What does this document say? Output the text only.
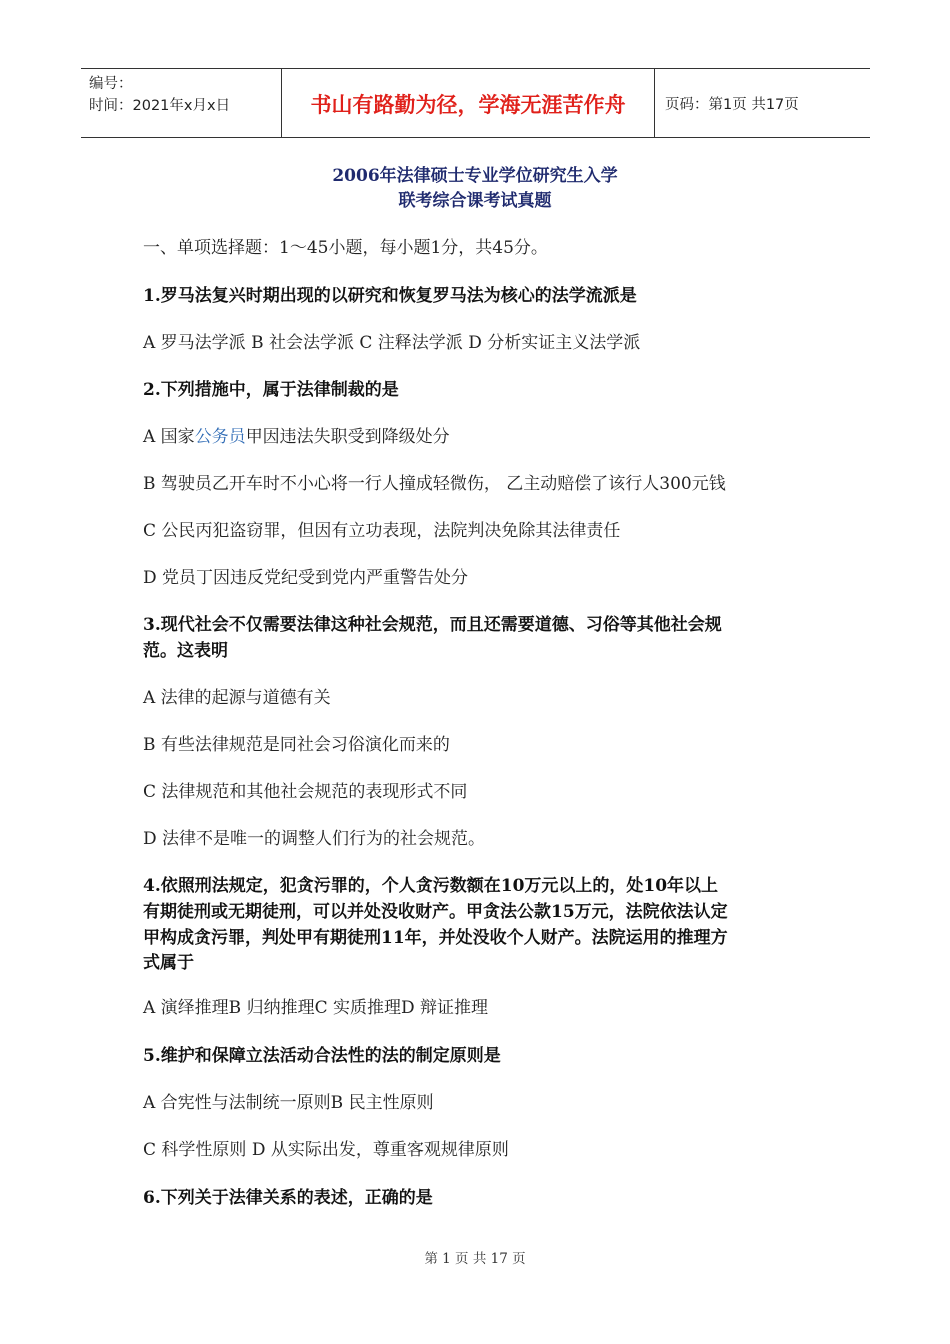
编号：
时间：2021年x月x日	书山有路勤为径，学海无涯苦作舟	页码：第1页 共17页
2006年法律硕士专业学位研究生入学
联考综合课考试真题
一、单项选择题：1～45小题，每小题1分，共45分。
1.罗马法复兴时期出现的以研究和恢复罗马法为核心的法学流派是
A 罗马法学派 B 社会法学派 C 注释法学派 D 分析实证主义法学派
2.下列措施中，属于法律制裁的是
A 国家公务员甲因违法失职受到降级处分
B 驾驶员乙开车时不小心将一行人撞成轻微伤， 乙主动赔偿了该行人300元钱
C 公民丙犯盗窃罪，但因有立功表现，法院判决免除其法律责任
D 党员丁因违反党纪受到党内严重警告处分
3.现代社会不仅需要法律这种社会规范，而且还需要道德、习俗等其他社会规
范。这表明
A 法律的起源与道德有关
B 有些法律规范是同社会习俗演化而来的
C 法律规范和其他社会规范的表现形式不同
D 法律不是唯一的调整人们行为的社会规范。
4.依照刑法规定，犯贪污罪的，个人贪污数额在10万元以上的，处10年以上
有期徒刑或无期徒刑，可以并处没收财产。甲贪法公款15万元，法院依法认定
甲构成贪污罪，判处甲有期徒刑11年，并处没收个人财产。法院运用的推理方
式属于
A 演绎推理B 归纳推理C 实质推理D 辩证推理
5.维护和保障立法活动合法性的法的制定原则是
A 合宪性与法制统一原则B 民主性原则
C 科学性原则 D 从实际出发，尊重客观规律原则
6.下列关于法律关系的表述，正确的是
第 1 页 共 17 页
